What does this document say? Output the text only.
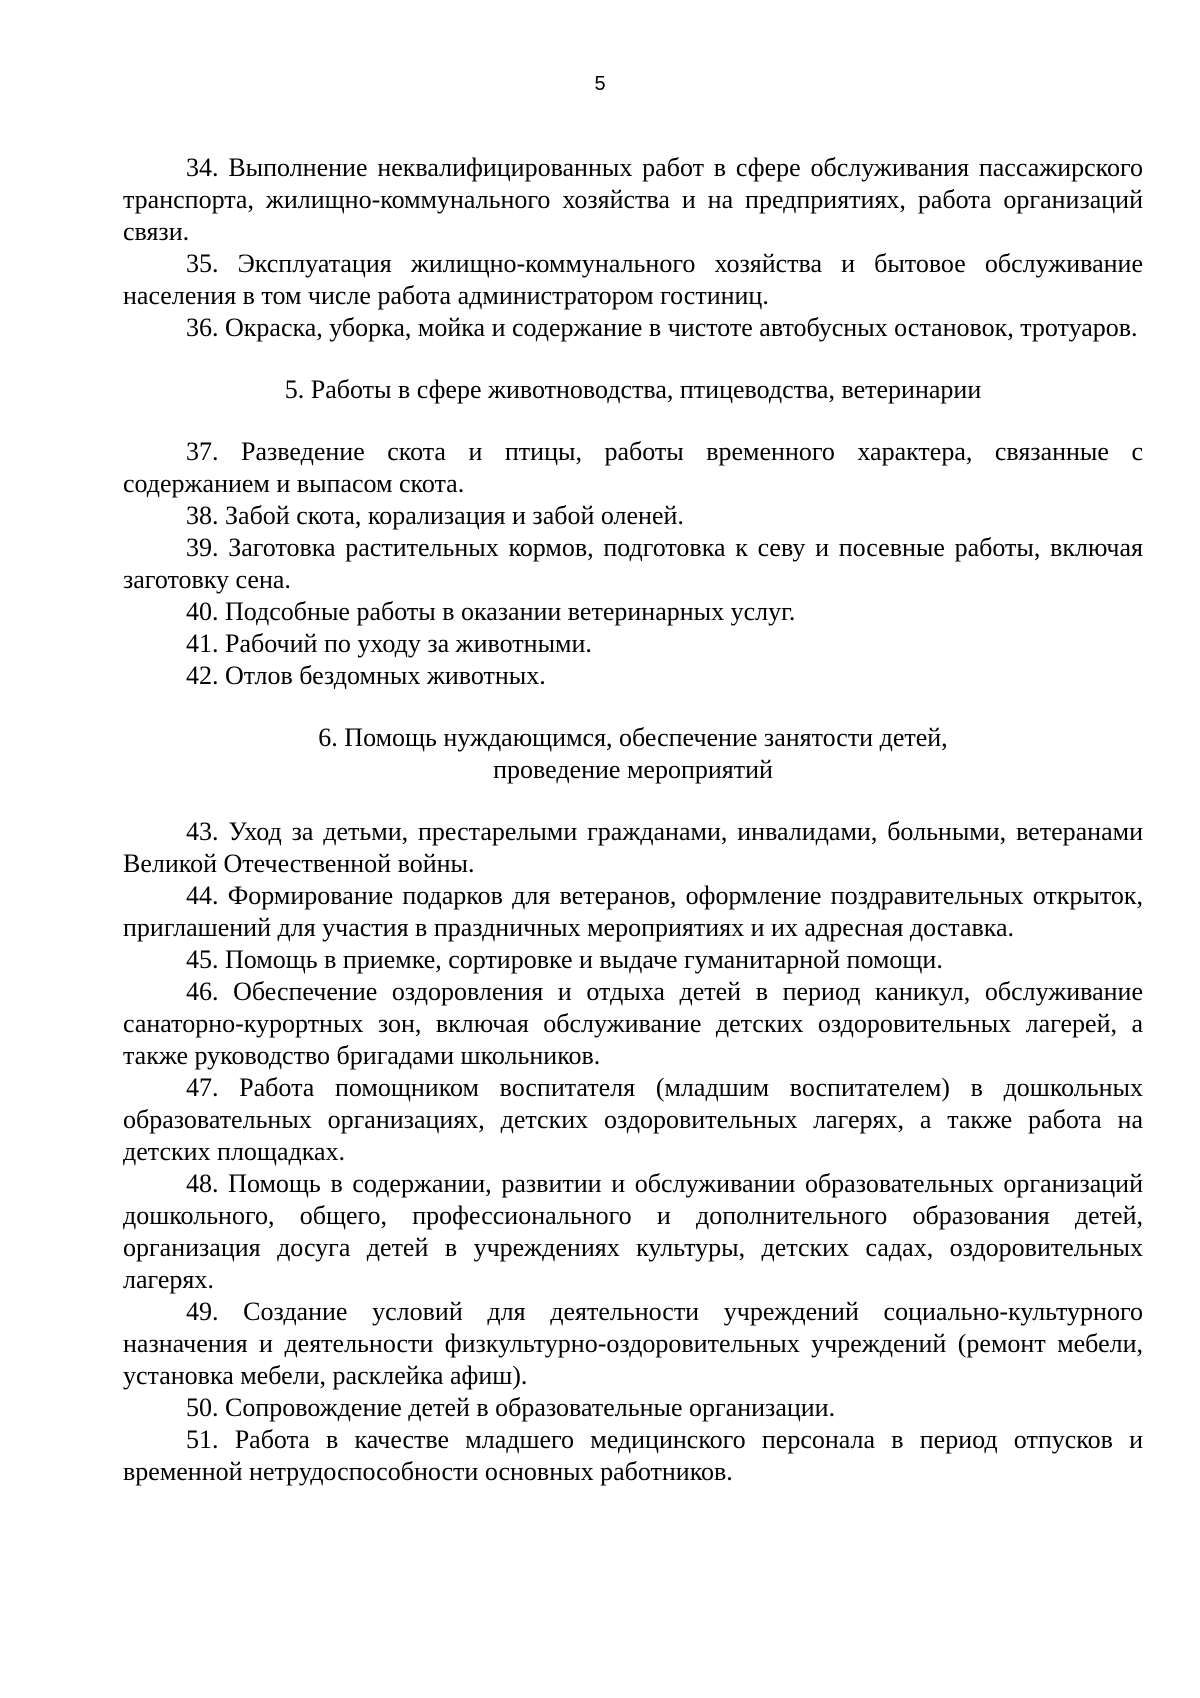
5

34. Выполнение неквалифицированных работ в сфере обслуживания пассажирского транспорта, жилищно-коммунального хозяйства и на предприятиях, работа организаций связи.

35. Эксплуатация жилищно-коммунального хозяйства и бытовое обслуживание населения в том числе работа администратором гостиниц.

36. Окраска, уборка, мойка и содержание в чистоте автобусных остановок, тротуаров.

5. Работы в сфере животноводства, птицеводства, ветеринарии

37. Разведение скота и птицы, работы временного характера, связанные с содержанием и выпасом скота.

38. Забой скота, корализация и забой оленей.

39. Заготовка растительных кормов, подготовка к севу и посевные работы, включая заготовку сена.

40. Подсобные работы в оказании ветеринарных услуг.

41. Рабочий по уходу за животными.

42. Отлов бездомных животных.

6. Помощь нуждающимся, обеспечение занятости детей,

проведение мероприятий

43. Уход за детьми, престарелыми гражданами, инвалидами, больными, ветеранами Великой Отечественной войны.

44. Формирование подарков для ветеранов, оформление поздравительных открыток, приглашений для участия в праздничных мероприятиях и их адресная доставка.

45. Помощь в приемке, сортировке и выдаче гуманитарной помощи.

46. Обеспечение оздоровления и отдыха детей в период каникул, обслуживание санаторно-курортных зон, включая обслуживание детских оздоровительных лагерей, а также руководство бригадами школьников.

47. Работа помощником воспитателя (младшим воспитателем) в дошкольных образовательных организациях, детских оздоровительных лагерях, а также работа на детских площадках.

48. Помощь в содержании, развитии и обслуживании образовательных организаций дошкольного, общего, профессионального и дополнительного образования детей, организация досуга детей в учреждениях культуры, детских садах, оздоровительных лагерях.

49. Создание условий для деятельности учреждений социально-культурного назначения и деятельности физкультурно-оздоровительных учреждений (ремонт мебели, установка мебели, расклейка афиш).

50. Сопровождение детей в образовательные организации.

51. Работа в качестве младшего медицинского персонала в период отпусков и временной нетрудоспособности основных работников.
